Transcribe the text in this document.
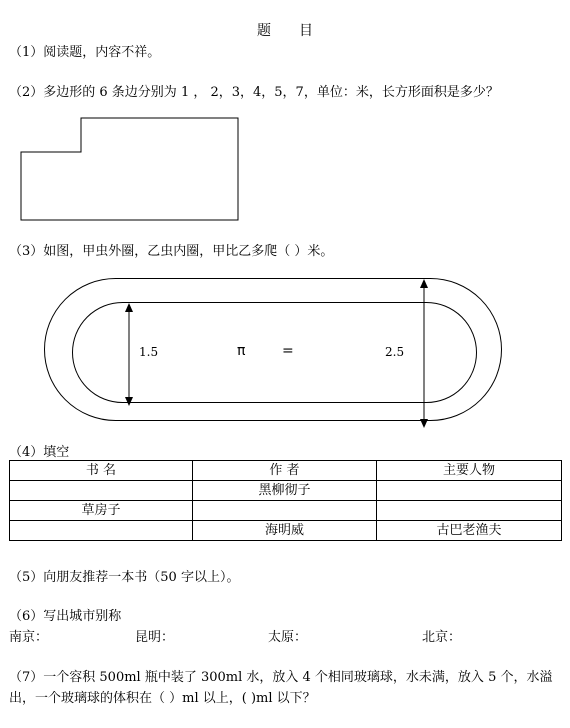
题 目
（1）阅读题，内容不祥。
（2）多边形的 6 条边分别为 1 ， 2，3，4，5，7，单位：米，长方形面积是多少？
（3）如图，甲虫外圈，乙虫内圈，甲比乙多爬（ ）米。
1.5	π	=	2.5
（4）填空
书 名	作 者	主要人物
	黑柳彻子	
草房子		
	海明威	古巴老渔夫
（5）向朋友推荐一本书（50 字以上）。
（6）写出城市别称
南京：	昆明：	太原：	北京：
（7）一个容积 500ml 瓶中装了 300ml 水，放入 4 个相同玻璃球，水未满，放入 5 个，水溢
出，一个玻璃球的体积在（ ）ml 以上，( )ml 以下？
